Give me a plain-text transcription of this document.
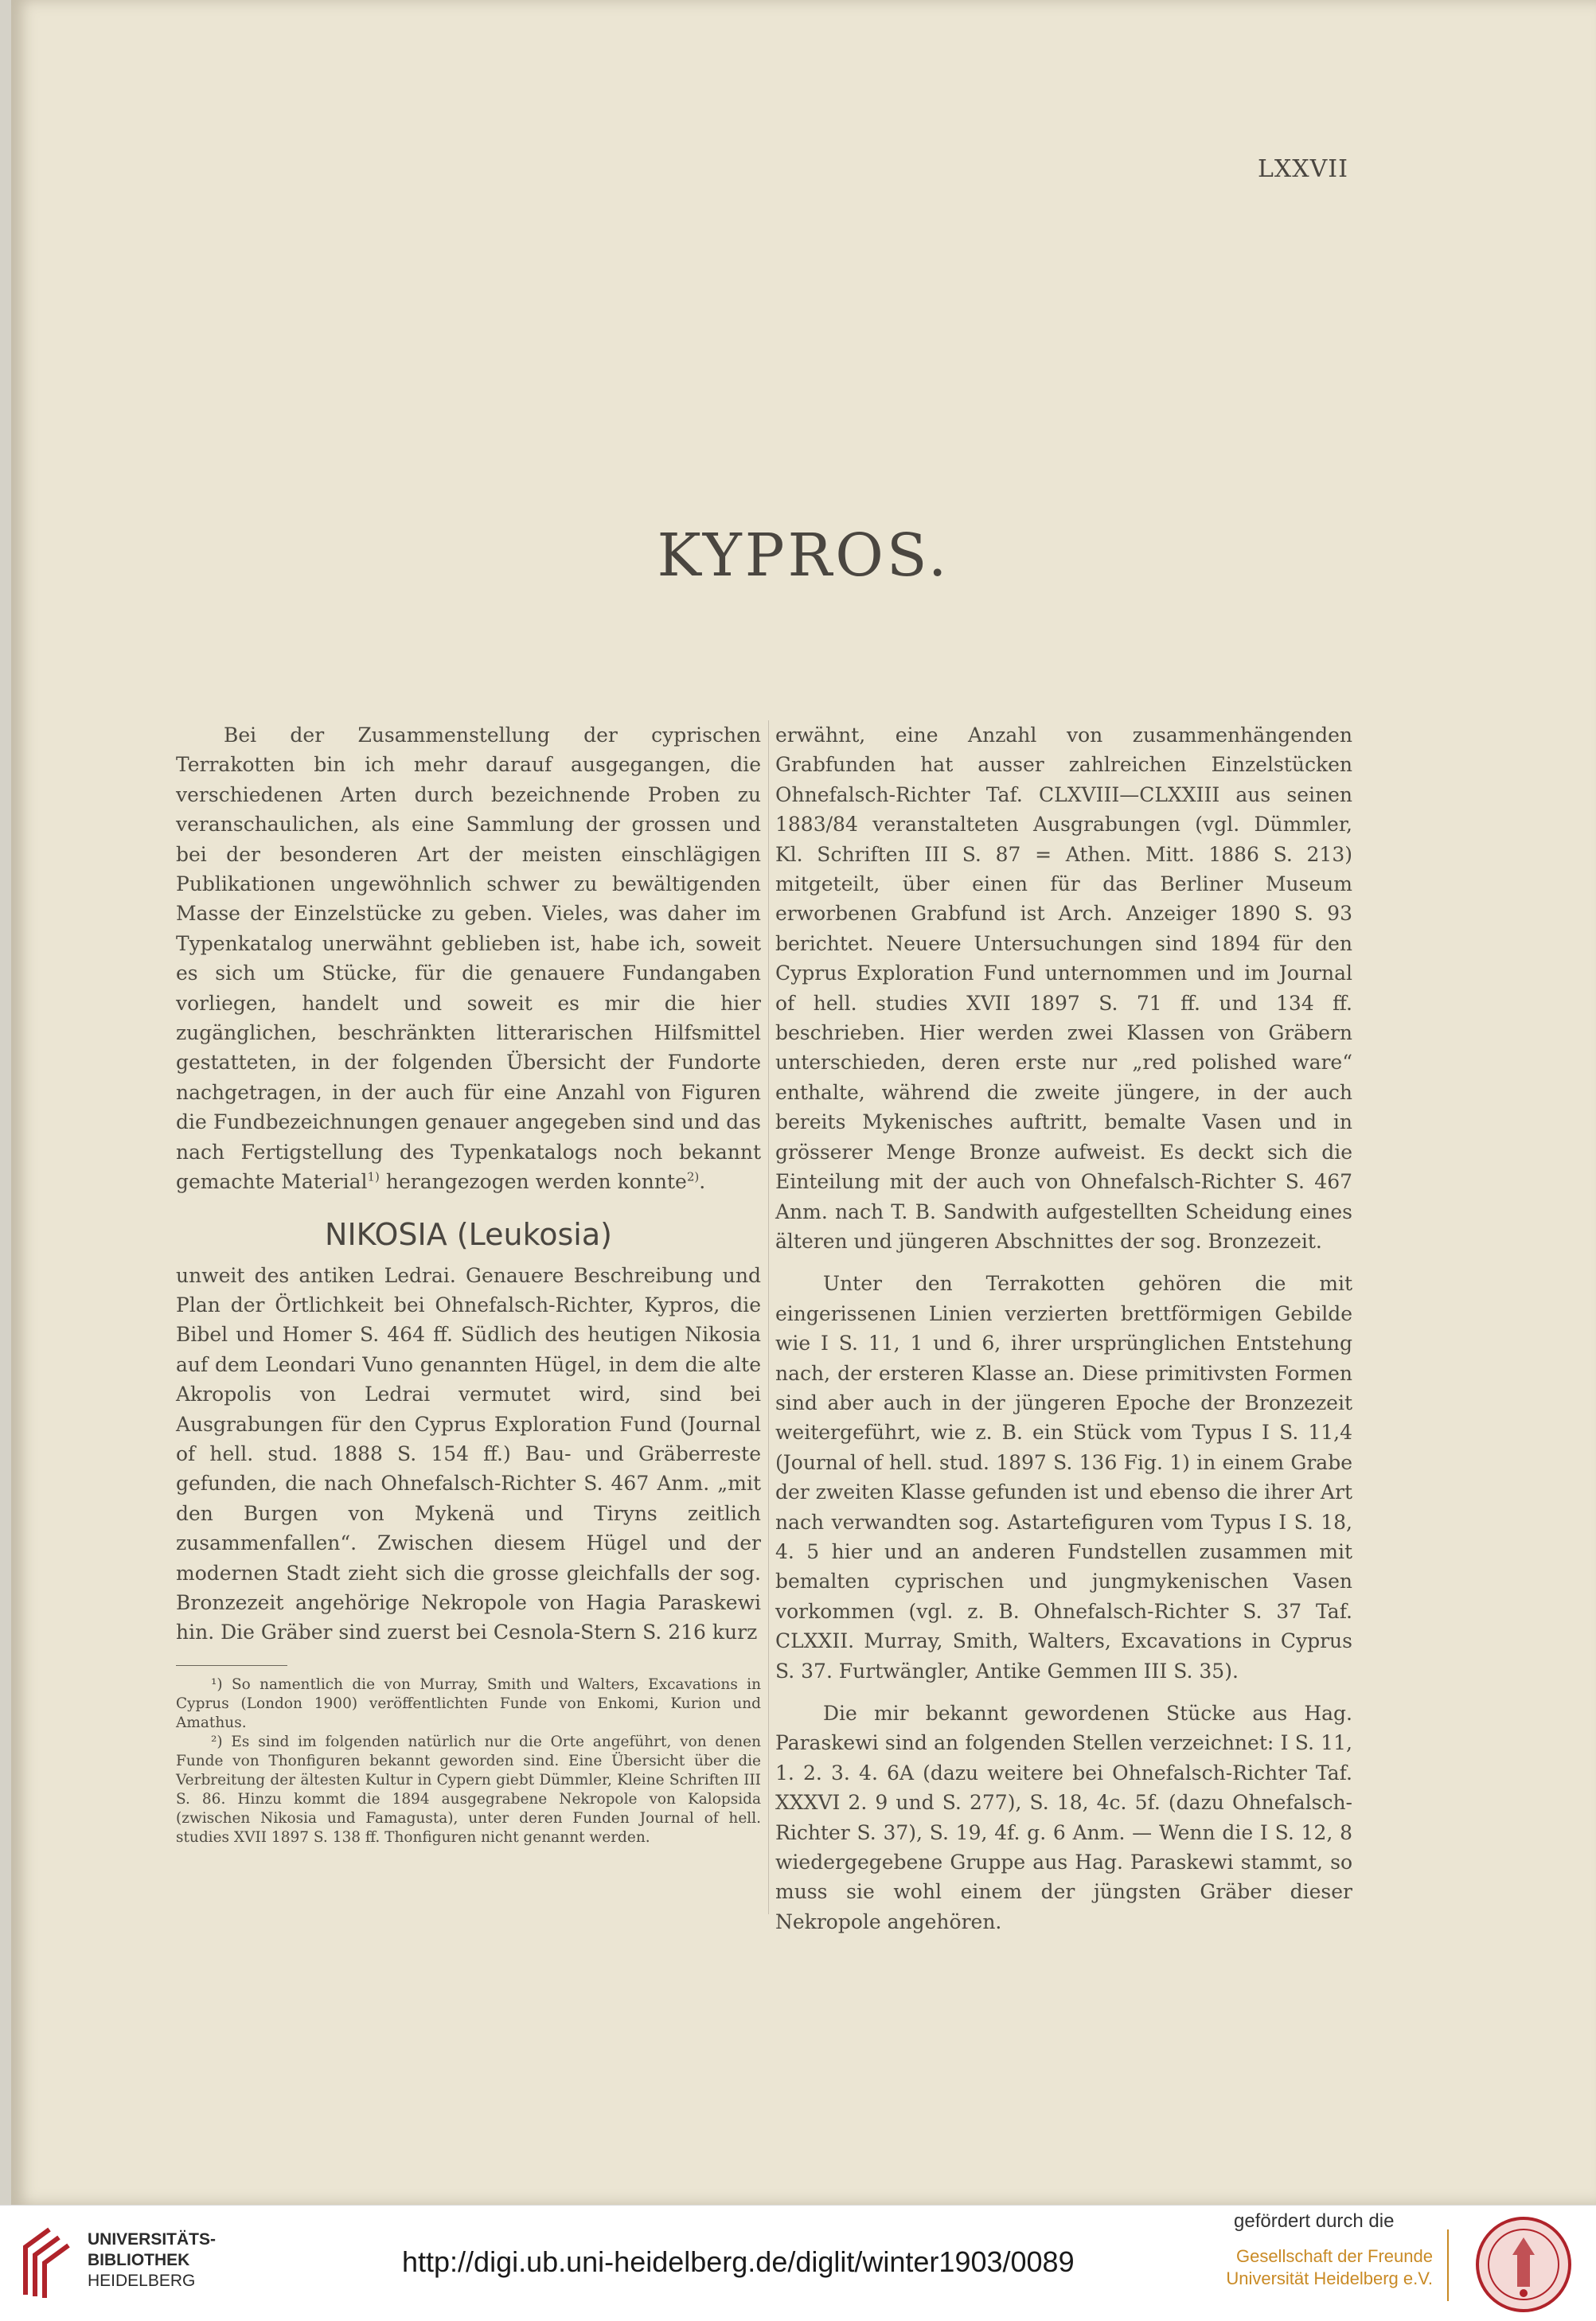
LXXVII
KYPROS.

Bei der Zusammenstellung der cyprischen Terrakotten bin ich mehr darauf ausgegangen, die verschiedenen Arten durch bezeichnende Proben zu veranschaulichen, als eine Sammlung der grossen und bei der besonderen Art der meisten einschlägigen Publikationen ungewöhnlich schwer zu bewältigenden Masse der Einzelstücke zu geben. Vieles, was daher im Typenkatalog unerwähnt geblieben ist, habe ich, soweit es sich um Stücke, für die genauere Fundangaben vorliegen, handelt und soweit es mir die hier zugänglichen, beschränkten litterarischen Hilfsmittel gestatteten, in der folgenden Übersicht der Fundorte nachgetragen, in der auch für eine Anzahl von Figuren die Fundbezeichnungen genauer angegeben sind und das nach Fertigstellung des Typenkatalogs noch bekannt gemachte Material$^{1)}$ herangezogen werden konnte$^{2)}$.

NIKOSIA (Leukosia)

unweit des antiken Ledrai. Genauere Beschreibung und Plan der Örtlichkeit bei Ohnefalsch-Richter, Kypros, die Bibel und Homer S. 464 ff. Südlich des heutigen Nikosia auf dem Leondari Vuno genannten Hügel, in dem die alte Akropolis von Ledrai vermutet wird, sind bei Ausgrabungen für den Cyprus Exploration Fund (Journal of hell. stud. 1888 S. 154 ff.) Bau- und Gräberreste gefunden, die nach Ohnefalsch-Richter S. 467 Anm. „mit den Burgen von Mykenä und Tiryns zeitlich zusammenfallen“. Zwischen diesem Hügel und der modernen Stadt zieht sich die grosse gleichfalls der sog. Bronzezeit angehörige Nekropole von Hagia Paraskewi hin. Die Gräber sind zuerst bei Cesnola-Stern S. 216 kurz

¹) So namentlich die von Murray, Smith und Walters, Excavations in Cyprus (London 1900) veröffentlichten Funde von Enkomi, Kurion und Amathus.

²) Es sind im folgenden natürlich nur die Orte angeführt, von denen Funde von Thonfiguren bekannt geworden sind. Eine Übersicht über die Verbreitung der ältesten Kultur in Cypern giebt Dümmler, Kleine Schriften III S. 86. Hinzu kommt die 1894 ausgegrabene Nekropole von Kalopsida (zwischen Nikosia und Famagusta), unter deren Funden Journal of hell. studies XVII 1897 S. 138 ff. Thonfiguren nicht genannt werden.

erwähnt, eine Anzahl von zusammenhängenden Grabfunden hat ausser zahlreichen Einzelstücken Ohnefalsch-Richter Taf. CLXVIII—CLXXIII aus seinen 1883/84 veranstalteten Ausgrabungen (vgl. Dümmler, Kl. Schriften III S. 87 = Athen. Mitt. 1886 S. 213) mitgeteilt, über einen für das Berliner Museum erworbenen Grabfund ist Arch. Anzeiger 1890 S. 93 berichtet. Neuere Untersuchungen sind 1894 für den Cyprus Exploration Fund unternommen und im Journal of hell. studies XVII 1897 S. 71 ff. und 134 ff. beschrieben. Hier werden zwei Klassen von Gräbern unterschieden, deren erste nur „red polished ware“ enthalte, während die zweite jüngere, in der auch bereits Mykenisches auftritt, bemalte Vasen und in grösserer Menge Bronze aufweist. Es deckt sich die Einteilung mit der auch von Ohnefalsch-Richter S. 467 Anm. nach T. B. Sandwith aufgestellten Scheidung eines älteren und jüngeren Abschnittes der sog. Bronzezeit.

Unter den Terrakotten gehören die mit eingerissenen Linien verzierten brettförmigen Gebilde wie I S. 11, 1 und 6, ihrer ursprünglichen Entstehung nach, der ersteren Klasse an. Diese primitivsten Formen sind aber auch in der jüngeren Epoche der Bronzezeit weitergeführt, wie z. B. ein Stück vom Typus I S. 11,4 (Journal of hell. stud. 1897 S. 136 Fig. 1) in einem Grabe der zweiten Klasse gefunden ist und ebenso die ihrer Art nach verwandten sog. Astartefiguren vom Typus I S. 18, 4. 5 hier und an anderen Fundstellen zusammen mit bemalten cyprischen und jungmykenischen Vasen vorkommen (vgl. z. B. Ohnefalsch-Richter S. 37 Taf. CLXXII. Murray, Smith, Walters, Excavations in Cyprus S. 37. Furtwängler, Antike Gemmen III S. 35).

Die mir bekannt gewordenen Stücke aus Hag. Paraskewi sind an folgenden Stellen verzeichnet: I S. 11, 1. 2. 3. 4. 6A (dazu weitere bei Ohnefalsch-Richter Taf. XXXVI 2. 9 und S. 277), S. 18, 4c. 5f. (dazu Ohnefalsch-Richter S. 37), S. 19, 4f. g. 6 Anm. — Wenn die I S. 12, 8 wiedergegebene Gruppe aus Hag. Paraskewi stammt, so muss sie wohl einem der jüngsten Gräber dieser Nekropole angehören.

UNIVERSITÄTS-
BIBLIOTHEK
HEIDELBERG
http://digi.ub.uni-heidelberg.de/diglit/winter1903/0089
gefördert durch die
Gesellschaft der Freunde
Universität Heidelberg e.V.
